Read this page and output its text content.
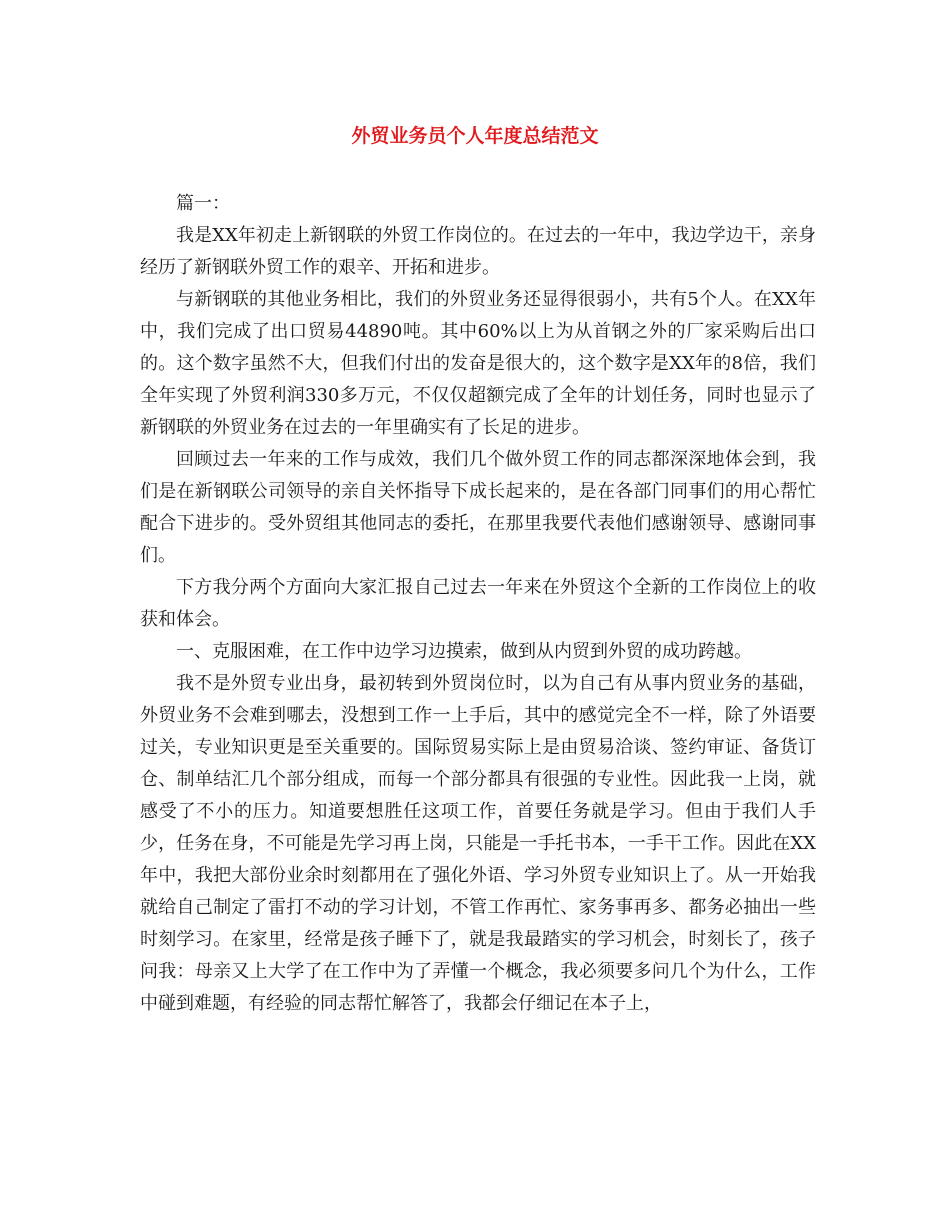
外贸业务员个人年度总结范文

篇一：

我是XX年初走上新钢联的外贸工作岗位的。在过去的一年中，我边学边干，亲身经历了新钢联外贸工作的艰辛、开拓和进步。

与新钢联的其他业务相比，我们的外贸业务还显得很弱小，共有5个人。在XX年中，我们完成了出口贸易44890吨。其中60%以上为从首钢之外的厂家采购后出口的。这个数字虽然不大，但我们付出的发奋是很大的，这个数字是XX年的8倍，我们全年实现了外贸利润330多万元，不仅仅超额完成了全年的计划任务，同时也显示了新钢联的外贸业务在过去的一年里确实有了长足的进步。

回顾过去一年来的工作与成效，我们几个做外贸工作的同志都深深地体会到，我们是在新钢联公司领导的亲自关怀指导下成长起来的，是在各部门同事们的用心帮忙配合下进步的。受外贸组其他同志的委托，在那里我要代表他们感谢领导、感谢同事们。

下方我分两个方面向大家汇报自己过去一年来在外贸这个全新的工作岗位上的收获和体会。

一、克服困难，在工作中边学习边摸索，做到从内贸到外贸的成功跨越。

我不是外贸专业出身，最初转到外贸岗位时，以为自己有从事内贸业务的基础，外贸业务不会难到哪去，没想到工作一上手后，其中的感觉完全不一样，除了外语要过关，专业知识更是至关重要的。国际贸易实际上是由贸易洽谈、签约审证、备货订仓、制单结汇几个部分组成，而每一个部分都具有很强的专业性。因此我一上岗，就感受了不小的压力。知道要想胜任这项工作，首要任务就是学习。但由于我们人手少，任务在身，不可能是先学习再上岗，只能是一手托书本，一手干工作。因此在XX年中，我把大部份业余时刻都用在了强化外语、学习外贸专业知识上了。从一开始我就给自己制定了雷打不动的学习计划，不管工作再忙、家务事再多、都务必抽出一些时刻学习。在家里，经常是孩子睡下了，就是我最踏实的学习机会，时刻长了，孩子问我：母亲又上大学了在工作中为了弄懂一个概念，我必须要多问几个为什么，工作中碰到难题，有经验的同志帮忙解答了，我都会仔细记在本子上，
